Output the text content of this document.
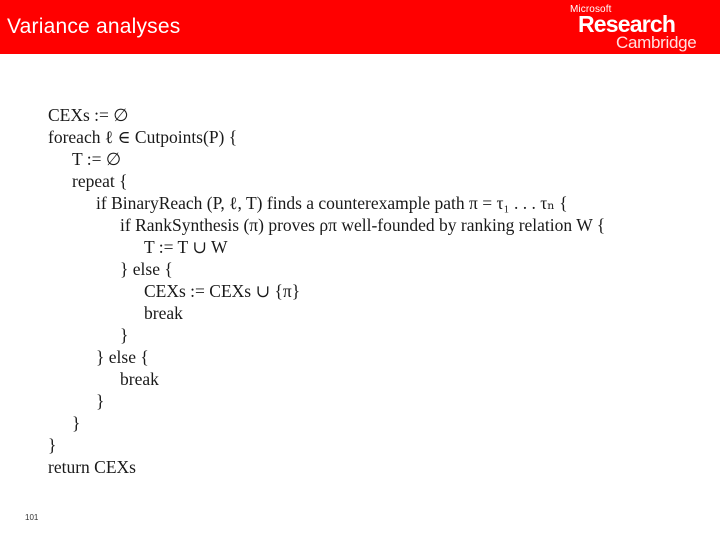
Variance analyses
Microsoft
Research
Cambridge
CEXs := ∅
foreach ℓ ∈ Cutpoints(P) {
T := ∅
repeat {
if BinaryReach (P, ℓ, T) finds a counterexample path π = τ₁ . . . τₙ {
if RankSynthesis (π) proves ρπ well-founded by ranking relation W {
T := T ∪ W
} else {
CEXs := CEXs ∪ {π}
break
}
} else {
break
}
}
}
return CEXs
101
